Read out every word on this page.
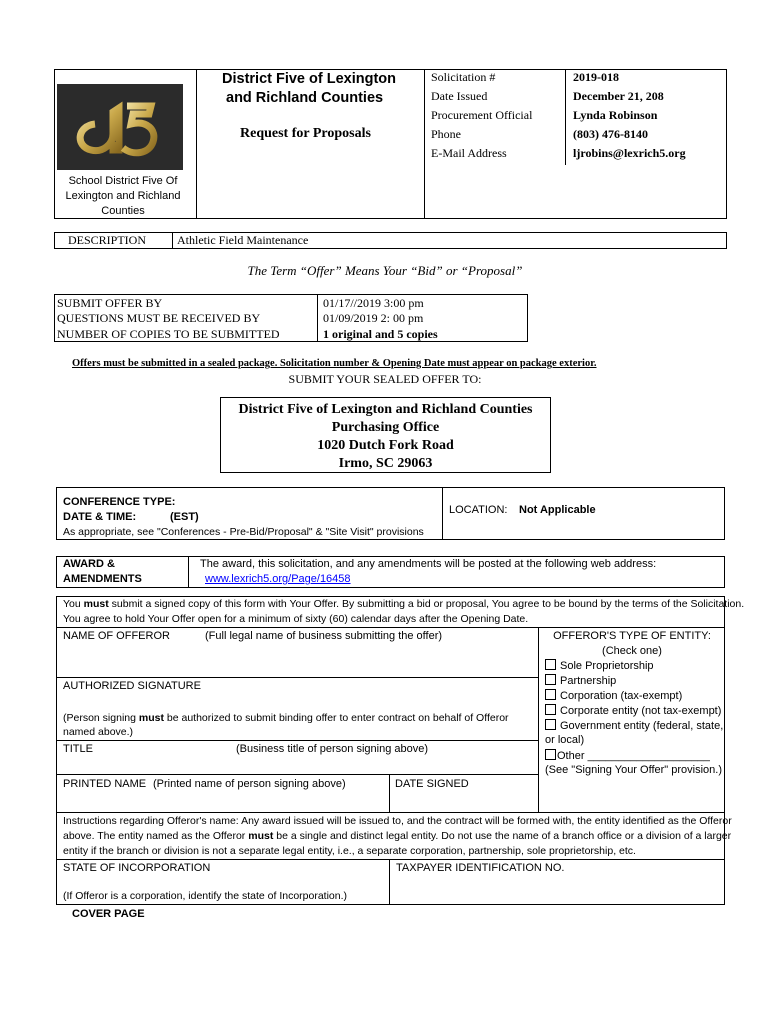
School District Five Of Lexington and Richland Counties
District Five of Lexington
and Richland Counties
Request for Proposals
Solicitation #	2019-018
Date Issued	December 21, 208
Procurement Official	Lynda Robinson
Phone	(803) 476-8140
E-Mail Address	ljrobins@lexrich5.org
DESCRIPTION	Athletic Field Maintenance
The Term “Offer” Means Your “Bid” or “Proposal”
SUBMIT OFFER BY	01/17//2019 3:00 pm
QUESTIONS MUST BE RECEIVED BY	01/09/2019 2: 00 pm
NUMBER OF COPIES TO BE SUBMITTED	1 original and 5 copies
Offers must be submitted in a sealed package. Solicitation number & Opening Date must appear on package exterior.
SUBMIT YOUR SEALED OFFER TO:
District Five of Lexington and Richland Counties
Purchasing Office
1020 Dutch Fork Road
Irmo, SC 29063
CONFERENCE TYPE:
DATE & TIME:	(EST)
As appropriate, see "Conferences - Pre-Bid/Proposal" & "Site Visit" provisions
LOCATION: Not Applicable
AWARD &
AMENDMENTS
The award, this solicitation, and any amendments will be posted at the following web address:
www.lexrich5.org/Page/16458
You must submit a signed copy of this form with Your Offer. By submitting a bid or proposal, You agree to be bound by the terms of the Solicitation.
You agree to hold Your Offer open for a minimum of sixty (60) calendar days after the Opening Date.
NAME OF OFFEROR	(Full legal name of business submitting the offer)
AUTHORIZED SIGNATURE
(Person signing must be authorized to submit binding offer to enter contract on behalf of Offeror
named above.)
TITLE	(Business title of person signing above)
PRINTED NAME (Printed name of person signing above)	DATE SIGNED
OFFEROR'S TYPE OF ENTITY:
(Check one)
Sole Proprietorship
Partnership
Corporation (tax-exempt)
Corporate entity (not tax-exempt)
Government entity (federal, state,
or local)
Other ____________________
(See "Signing Your Offer" provision.)
Instructions regarding Offeror's name: Any award issued will be issued to, and the contract will be formed with, the entity identified as the Offeror
above. The entity named as the Offeror must be a single and distinct legal entity. Do not use the name of a branch office or a division of a larger
entity if the branch or division is not a separate legal entity, i.e., a separate corporation, partnership, sole proprietorship, etc.
STATE OF INCORPORATION
(If Offeror is a corporation, identify the state of Incorporation.)
TAXPAYER IDENTIFICATION NO.
COVER PAGE
